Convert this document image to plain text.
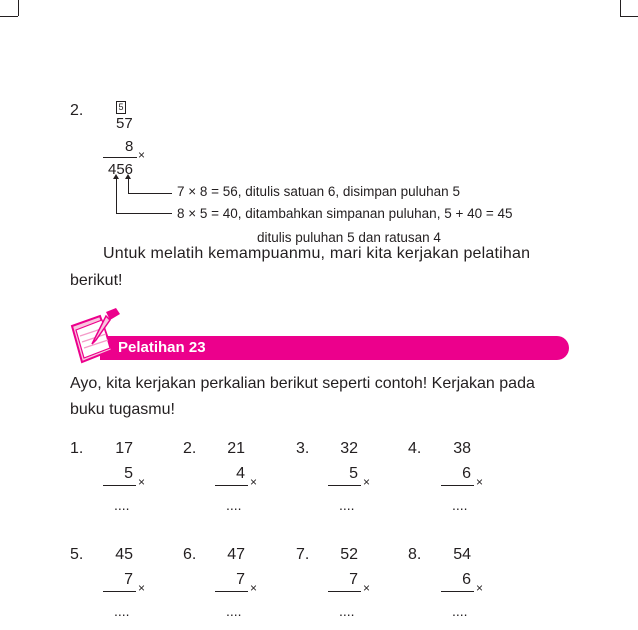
2.	5
57
8 ×
456
7 × 8 = 56, ditulis satuan 6, disimpan puluhan 5
8 × 5 = 40, ditambahkan simpanan puluhan, 5 + 40 = 45
ditulis puluhan 5 dan ratusan 4
Untuk melatih kemampuanmu, mari kita kerjakan pelatihan
berikut!
Pelatihan 23
Ayo, kita kerjakan perkalian berikut seperti contoh! Kerjakan pada
buku tugasmu!
1.	17
5 ×
....
2.	21
4 ×
....
3.	32
5 ×
....
4.	38
6 ×
....
5.	45
7 ×
....
6.	47
7 ×
....
7.	52
7 ×
....
8.	54
6 ×
....
